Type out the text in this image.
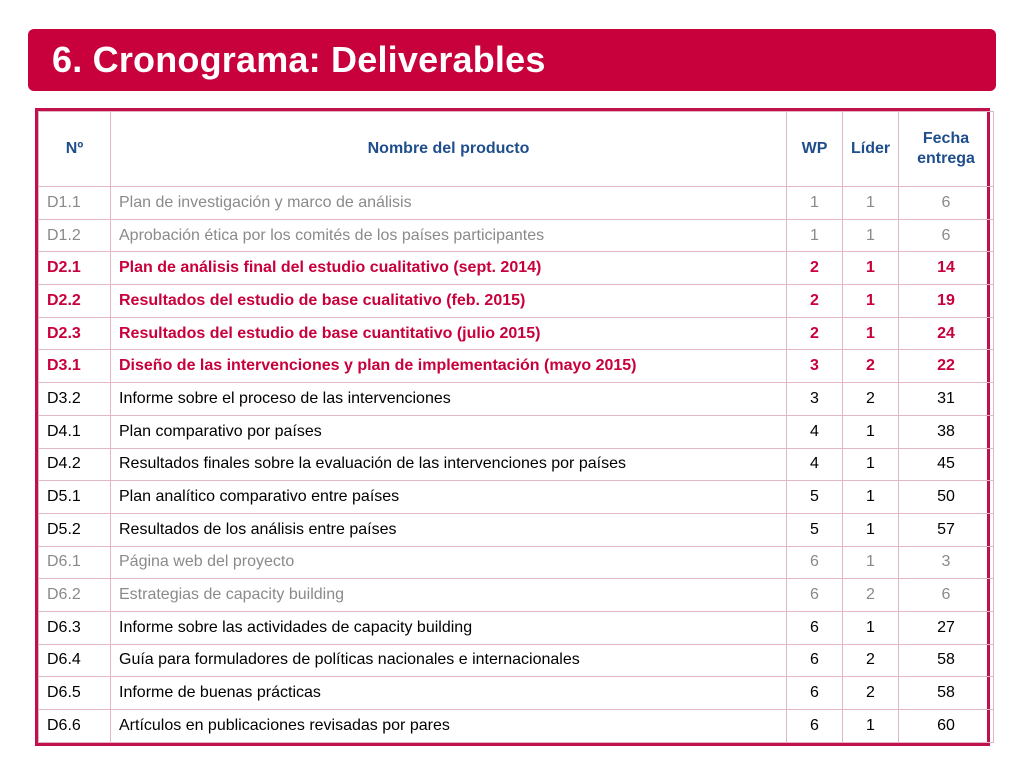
6. Cronograma: Deliverables
Nº	Nombre del producto	WP	Líder	Fecha
entrega
D1.1	Plan de investigación y marco de análisis	1	1	6
D1.2	Aprobación ética por los comités de los países participantes	1	1	6
D2.1	Plan de análisis final del estudio cualitativo (sept. 2014)	2	1	14
D2.2	Resultados del estudio de base cualitativo (feb. 2015)	2	1	19
D2.3	Resultados del estudio de base cuantitativo (julio 2015)	2	1	24
D3.1	Diseño de las intervenciones y plan de implementación (mayo 2015)	3	2	22
D3.2	Informe sobre el proceso de las intervenciones	3	2	31
D4.1	Plan comparativo por países	4	1	38
D4.2	Resultados finales sobre la evaluación de las intervenciones por países	4	1	45
D5.1	Plan analítico comparativo entre países	5	1	50
D5.2	Resultados de los análisis entre países	5	1	57
D6.1	Página web del proyecto	6	1	3
D6.2	Estrategias de capacity building	6	2	6
D6.3	Informe sobre las actividades de capacity building	6	1	27
D6.4	Guía para formuladores de políticas nacionales e internacionales	6	2	58
D6.5	Informe de buenas prácticas	6	2	58
D6.6	Artículos en publicaciones revisadas por pares	6	1	60
